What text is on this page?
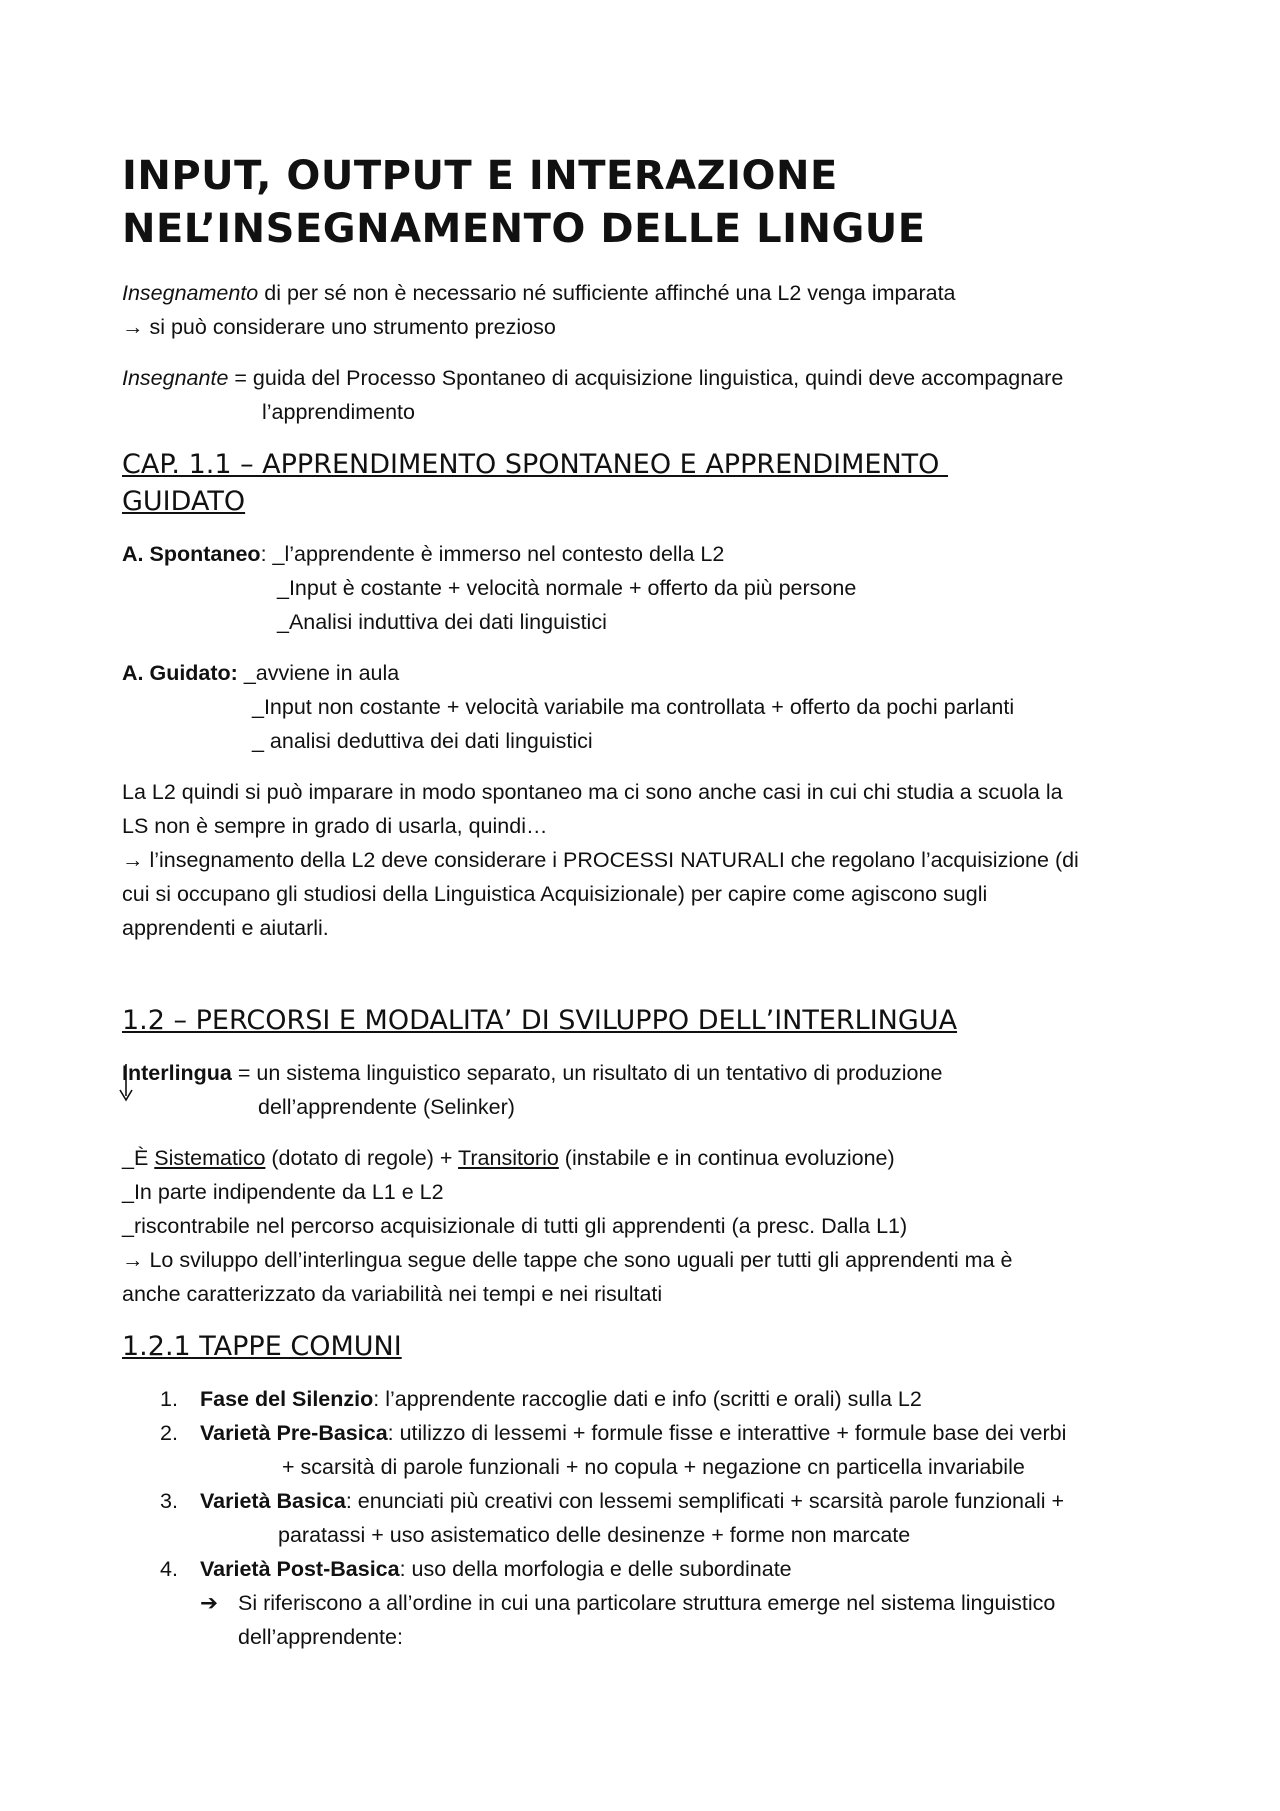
INPUT, OUTPUT E INTERAZIONE
NEL’INSEGNAMENTO DELLE LINGUE
Insegnamento di per sé non è necessario né sufficiente affinché una L2 venga imparata
→ si può considerare uno strumento prezioso
Insegnante = guida del Processo Spontaneo di acquisizione linguistica, quindi deve accompagnare
l’apprendimento
CAP. 1.1 – APPRENDIMENTO SPONTANEO E APPRENDIMENTO
GUIDATO
A. Spontaneo: _l’apprendente è immerso nel contesto della L2
_Input è costante + velocità normale + offerto da più persone
_Analisi induttiva dei dati linguistici
A. Guidato: _avviene in aula
_Input non costante + velocità variabile ma controllata + offerto da pochi parlanti
_ analisi deduttiva dei dati linguistici
La L2 quindi si può imparare in modo spontaneo ma ci sono anche casi in cui chi studia a scuola la
LS non è sempre in grado di usarla, quindi…
→ l’insegnamento della L2 deve considerare i PROCESSI NATURALI che regolano l’acquisizione (di
cui si occupano gli studiosi della Linguistica Acquisizionale) per capire come agiscono sugli
apprendenti e aiutarli.
1.2 – PERCORSI E MODALITA’ DI SVILUPPO DELL’INTERLINGUA
Interlingua = un sistema linguistico separato, un risultato di un tentativo di produzione
dell’apprendente (Selinker)
_È Sistematico (dotato di regole) + Transitorio (instabile e in continua evoluzione)
_In parte indipendente da L1 e L2
_riscontrabile nel percorso acquisizionale di tutti gli apprendenti (a presc. Dalla L1)
→ Lo sviluppo dell’interlingua segue delle tappe che sono uguali per tutti gli apprendenti ma è
anche caratterizzato da variabilità nei tempi e nei risultati
1.2.1 TAPPE COMUNI
1. Fase del Silenzio: l’apprendente raccoglie dati e info (scritti e orali) sulla L2
2. Varietà Pre-Basica: utilizzo di lessemi + formule fisse e interattive + formule base dei verbi
+ scarsità di parole funzionali + no copula + negazione cn particella invariabile
3. Varietà Basica: enunciati più creativi con lessemi semplificati + scarsità parole funzionali +
paratassi + uso asistematico delle desinenze + forme non marcate
4. Varietà Post-Basica: uso della morfologia e delle subordinate
➔ Si riferiscono a all’ordine in cui una particolare struttura emerge nel sistema linguistico
dell’apprendente:
